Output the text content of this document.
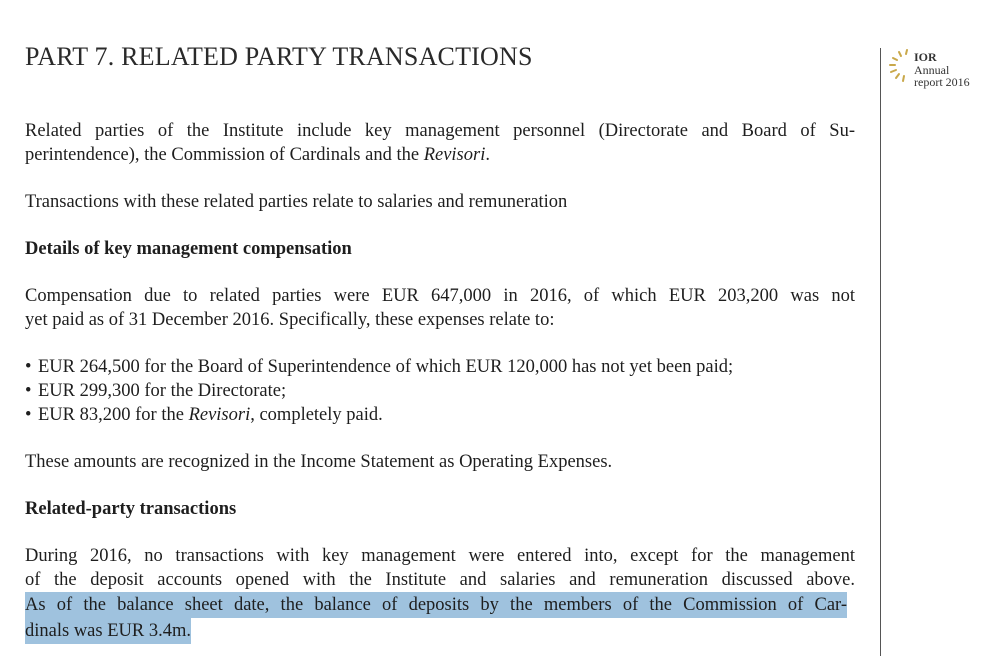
PART 7. RELATED PARTY TRANSACTIONS	IOR
Annual
report 2016

Related parties of the Institute include key management personnel (Directorate and Board of Su-
perintendence), the Commission of Cardinals and the Revisori.

Transactions with these related parties relate to salaries and remuneration

Details of key management compensation

Compensation due to related parties were EUR 647,000 in 2016, of which EUR 203,200 was not
yet paid as of 31 December 2016. Specifically, these expenses relate to:

• EUR 264,500 for the Board of Superintendence of which EUR 120,000 has not yet been paid;
• EUR 299,300 for the Directorate;
• EUR 83,200 for the Revisori, completely paid.

These amounts are recognized in the Income Statement as Operating Expenses.

Related-party transactions

During 2016, no transactions with key management were entered into, except for the management
of the deposit accounts opened with the Institute and salaries and remuneration discussed above.
As of the balance sheet date, the balance of deposits by the members of the Commission of Car-
dinals was EUR 3.4m.
